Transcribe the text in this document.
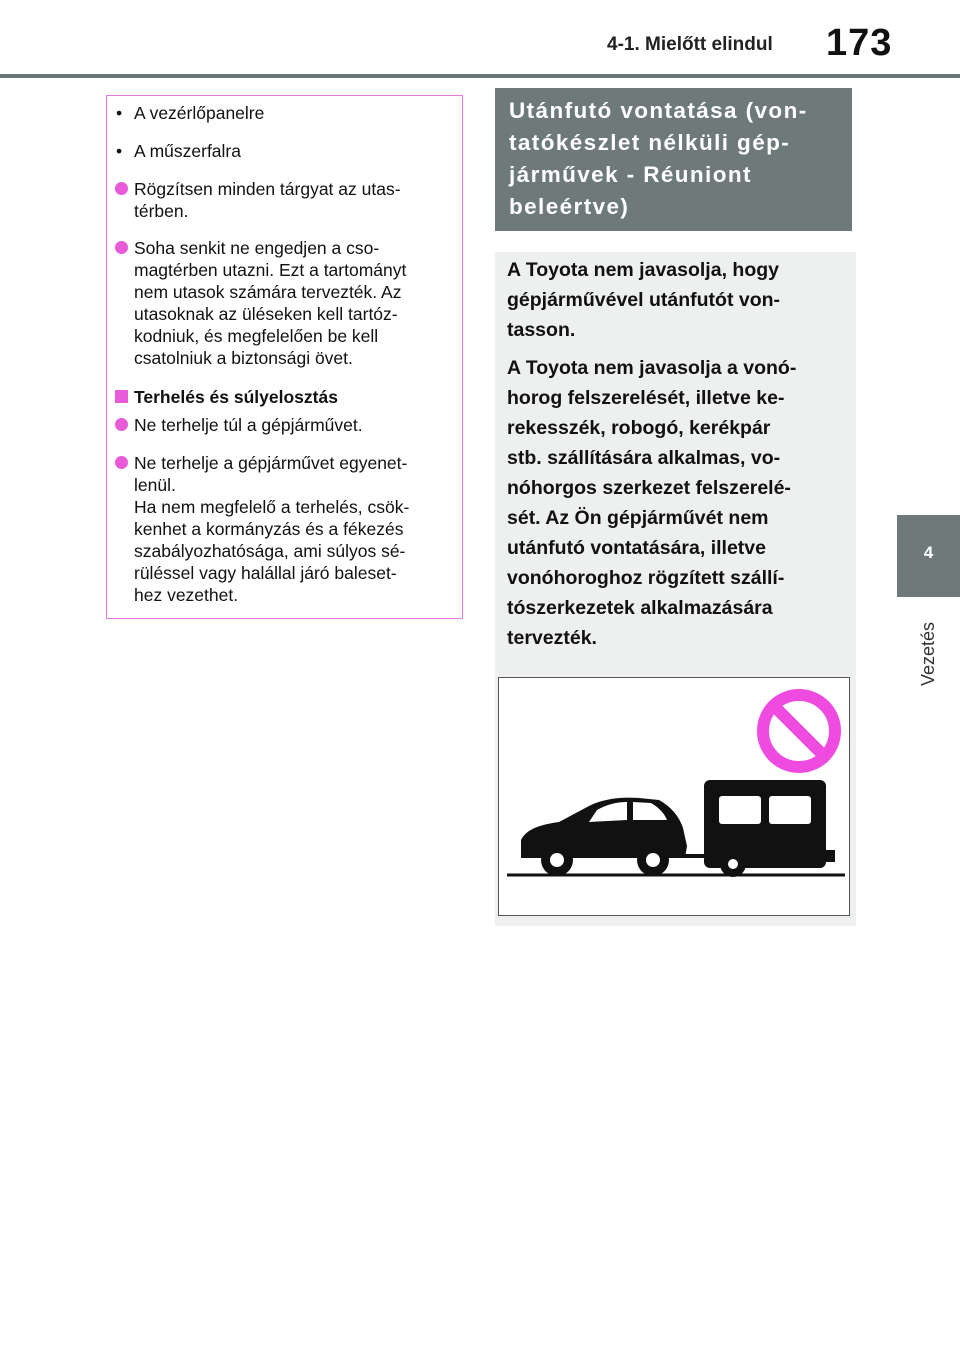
4-1. Mielőtt elindul 173
4
Vezetés
• A vezérlőpanelre
• A műszerfalra
Rögzítsen minden tárgyat az utas-
térben.
Soha senkit ne engedjen a cso-
magtérben utazni. Ezt a tartományt
nem utasok számára tervezték. Az
utasoknak az üléseken kell tartóz-
kodniuk, és megfelelően be kell
csatolniuk a biztonsági övet.
Terhelés és súlyelosztás
Ne terhelje túl a gépjárművet.
Ne terhelje a gépjárművet egyenet-
lenül.
Ha nem megfelelő a terhelés, csök-
kenhet a kormányzás és a fékezés
szabályozhatósága, ami súlyos sé-
rüléssel vagy halállal járó baleset-
hez vezethet.
Utánfutó vontatása (von-
tatókészlet nélküli gép-
járművek - Réuniont
beleértve)
A Toyota nem javasolja, hogy
gépjárművével utánfutót von-
tasson.
A Toyota nem javasolja a vonó-
horog felszerelését, illetve ke-
rekesszék, robogó, kerékpár
stb. szállítására alkalmas, vo-
nóhorgos szerkezet felszerelé-
sét. Az Ön gépjárművét nem
utánfutó vontatására, illetve
vonóhoroghoz rögzített szállí-
tószerkezetek alkalmazására
tervezték.
